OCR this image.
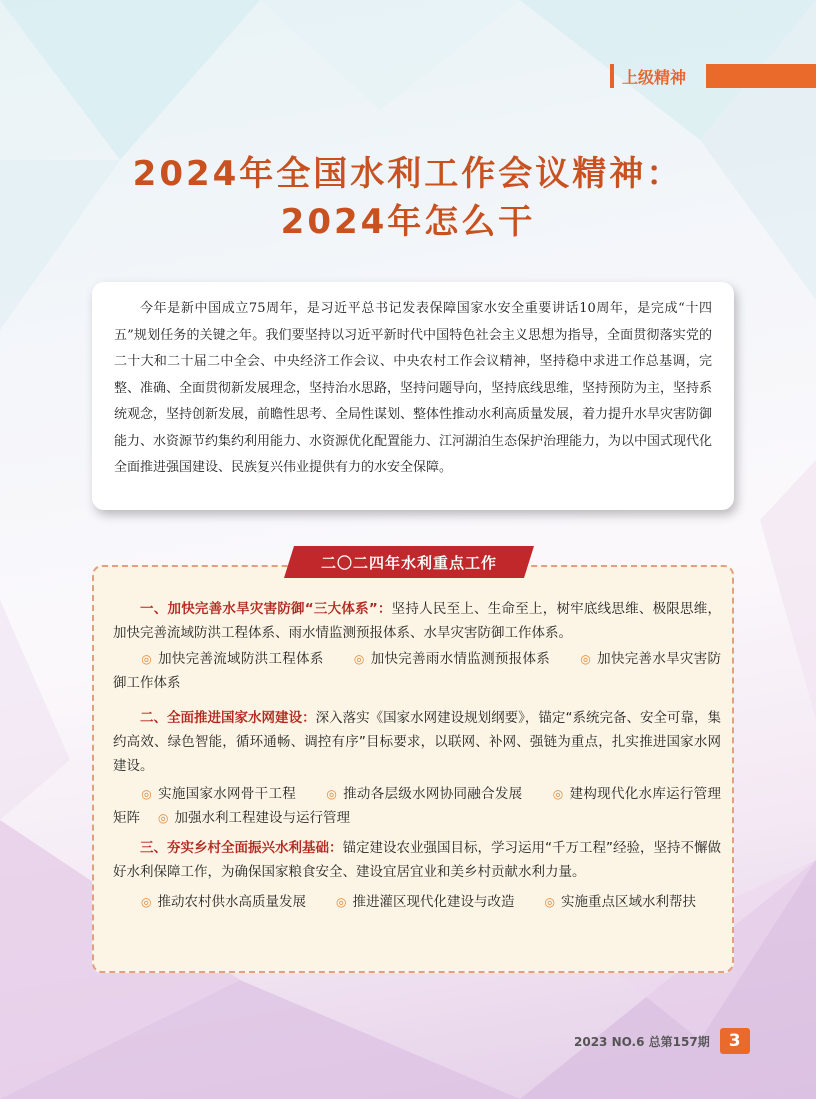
上级精神
2024年全国水利工作会议精神：
2024年怎么干

今年是新中国成立75周年，是习近平总书记发表保障国家水安全重要讲话10周年，是完成“十四五”规划任务的关键之年。我们要坚持以习近平新时代中国特色社会主义思想为指导，全面贯彻落实党的二十大和二十届二中全会、中央经济工作会议、中央农村工作会议精神，坚持稳中求进工作总基调，完整、准确、全面贯彻新发展理念，坚持治水思路，坚持问题导向，坚持底线思维，坚持预防为主，坚持系统观念，坚持创新发展，前瞻性思考、全局性谋划、整体性推动水利高质量发展，着力提升水旱灾害防御能力、水资源节约集约利用能力、水资源优化配置能力、江河湖泊生态保护治理能力，为以中国式现代化全面推进强国建设、民族复兴伟业提供有力的水安全保障。

二〇二四年水利重点工作
一、加快完善水旱灾害防御“三大体系”：坚持人民至上、生命至上，树牢底线思维、极限思维，加快完善流域防洪工程体系、雨水情监测预报体系、水旱灾害防御工作体系。
◎ 加快完善流域防洪工程体系	◎ 加快完善雨水情监测预报体系	◎ 加快完善水旱灾害防御工作体系
二、全面推进国家水网建设：深入落实《国家水网建设规划纲要》，锚定“系统完备、安全可靠，集约高效、绿色智能，循环通畅、调控有序”目标要求，以联网、补网、强链为重点，扎实推进国家水网建设。
◎ 实施国家水网骨干工程	◎ 推动各层级水网协同融合发展	◎ 建构现代化水库运行管理矩阵 ◎ 加强水利工程建设与运行管理
三、夯实乡村全面振兴水利基础：锚定建设农业强国目标，学习运用“千万工程”经验，坚持不懈做好水利保障工作，为确保国家粮食安全、建设宜居宜业和美乡村贡献水利力量。
◎ 推动农村供水高质量发展	◎ 推进灌区现代化建设与改造	◎ 实施重点区域水利帮扶
2023 NO.6 总第157期	3
